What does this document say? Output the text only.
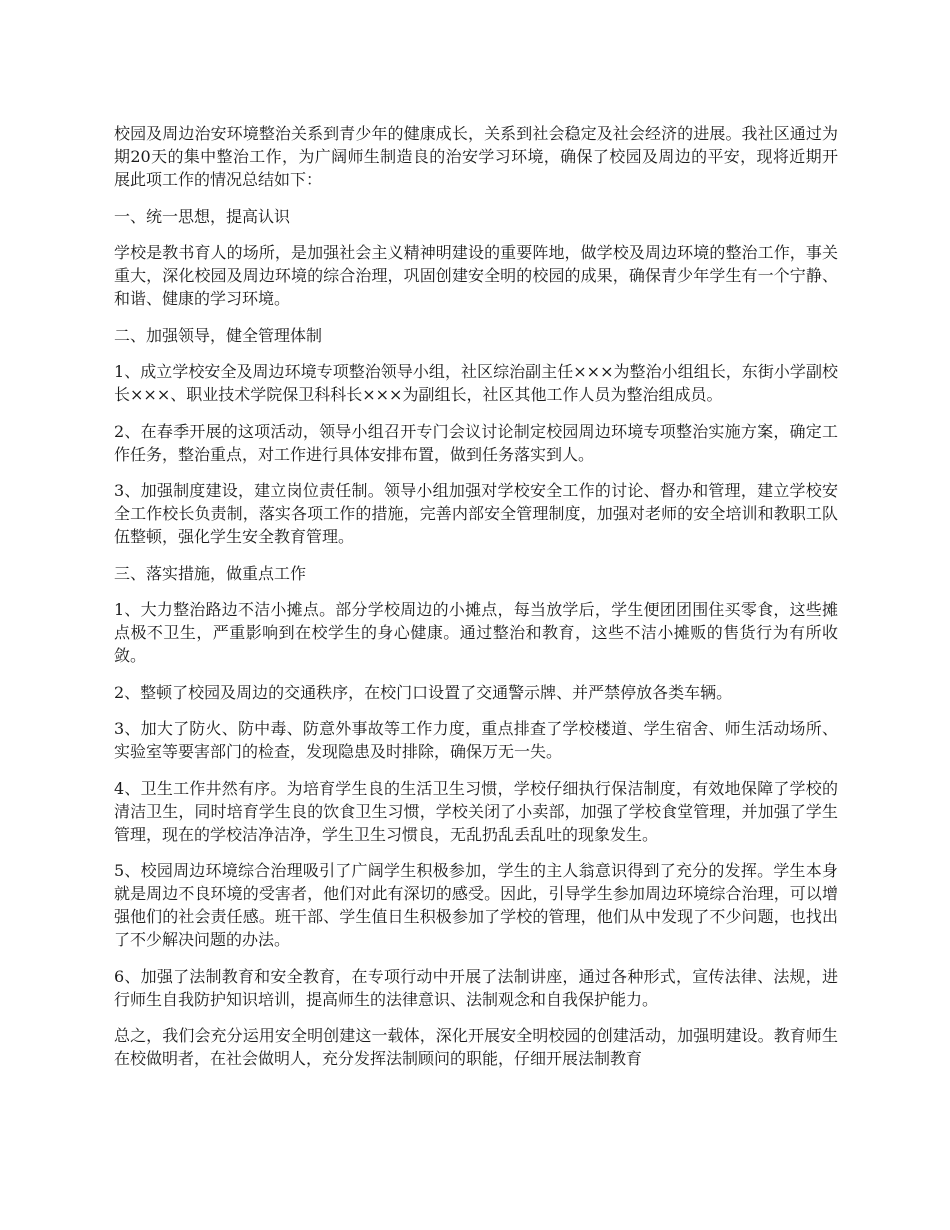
校园及周边治安环境整治关系到青少年的健康成长，关系到社会稳定及社会经济的进展。我社区通过为期20天的集中整治工作，为广阔师生制造良的治安学习环境，确保了校园及周边的平安，现将近期开展此项工作的情况总结如下：

一、统一思想，提高认识

学校是教书育人的场所，是加强社会主义精神明建设的重要阵地，做学校及周边环境的整治工作，事关重大，深化校园及周边环境的综合治理，巩固创建安全明的校园的成果，确保青少年学生有一个宁静、和谐、健康的学习环境。

二、加强领导，健全管理体制

1、成立学校安全及周边环境专项整治领导小组，社区综治副主任×××为整治小组组长，东街小学副校长×××、职业技术学院保卫科科长×××为副组长，社区其他工作人员为整治组成员。

2、在春季开展的这项活动，领导小组召开专门会议讨论制定校园周边环境专项整治实施方案，确定工作任务，整治重点，对工作进行具体安排布置，做到任务落实到人。

3、加强制度建设，建立岗位责任制。领导小组加强对学校安全工作的讨论、督办和管理，建立学校安全工作校长负责制，落实各项工作的措施，完善内部安全管理制度，加强对老师的安全培训和教职工队伍整顿，强化学生安全教育管理。

三、落实措施，做重点工作

1、大力整治路边不洁小摊点。部分学校周边的小摊点，每当放学后，学生便团团围住买零食，这些摊点极不卫生，严重影响到在校学生的身心健康。通过整治和教育，这些不洁小摊贩的售货行为有所收敛。

2、整顿了校园及周边的交通秩序，在校门口设置了交通警示牌、并严禁停放各类车辆。

3、加大了防火、防中毒、防意外事故等工作力度，重点排查了学校楼道、学生宿舍、师生活动场所、实验室等要害部门的检查，发现隐患及时排除，确保万无一失。

4、卫生工作井然有序。为培育学生良的生活卫生习惯，学校仔细执行保洁制度，有效地保障了学校的清洁卫生，同时培育学生良的饮食卫生习惯，学校关闭了小卖部，加强了学校食堂管理，并加强了学生管理，现在的学校洁净洁净，学生卫生习惯良，无乱扔乱丢乱吐的现象发生。

5、校园周边环境综合治理吸引了广阔学生积极参加，学生的主人翁意识得到了充分的发挥。学生本身就是周边不良环境的受害者，他们对此有深切的感受。因此，引导学生参加周边环境综合治理，可以增强他们的社会责任感。班干部、学生值日生积极参加了学校的管理，他们从中发现了不少问题，也找出了不少解决问题的办法。

6、加强了法制教育和安全教育，在专项行动中开展了法制讲座，通过各种形式，宣传法律、法规，进行师生自我防护知识培训，提高师生的法律意识、法制观念和自我保护能力。

总之，我们会充分运用安全明创建这一载体，深化开展安全明校园的创建活动，加强明建设。教育师生在校做明者，在社会做明人，充分发挥法制顾问的职能，仔细开展法制教育
